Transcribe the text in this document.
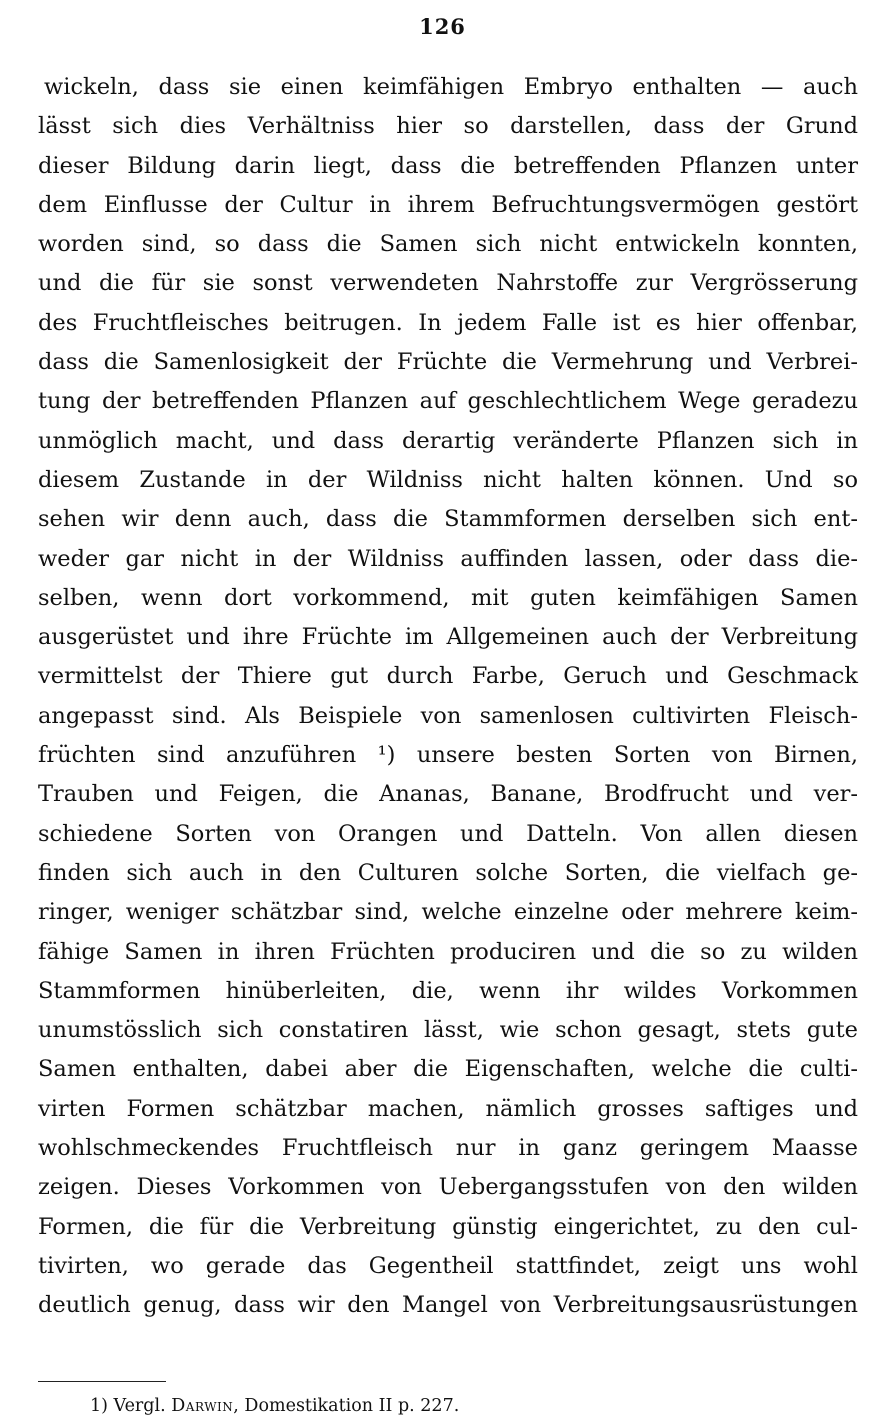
126
wickeln, dass sie einen keimfähigen Embryo enthalten — auch
lässt sich dies Verhältniss hier so darstellen, dass der Grund
dieser Bildung darin liegt, dass die betreffenden Pflanzen unter
dem Einflusse der Cultur in ihrem Befruchtungsvermögen gestört
worden sind, so dass die Samen sich nicht entwickeln konnten,
und die für sie sonst verwendeten Nahrstoffe zur Vergrösserung
des Fruchtfleisches beitrugen. In jedem Falle ist es hier offenbar,
dass die Samenlosigkeit der Früchte die Vermehrung und Verbrei-
tung der betreffenden Pflanzen auf geschlechtlichem Wege geradezu
unmöglich macht, und dass derartig veränderte Pflanzen sich in
diesem Zustande in der Wildniss nicht halten können. Und so
sehen wir denn auch, dass die Stammformen derselben sich ent-
weder gar nicht in der Wildniss auffinden lassen, oder dass die-
selben, wenn dort vorkommend, mit guten keimfähigen Samen
ausgerüstet und ihre Früchte im Allgemeinen auch der Verbreitung
vermittelst der Thiere gut durch Farbe, Geruch und Geschmack
angepasst sind. Als Beispiele von samenlosen cultivirten Fleisch-
früchten sind anzuführen ¹) unsere besten Sorten von Birnen,
Trauben und Feigen, die Ananas, Banane, Brodfrucht und ver-
schiedene Sorten von Orangen und Datteln. Von allen diesen
finden sich auch in den Culturen solche Sorten, die vielfach ge-
ringer, weniger schätzbar sind, welche einzelne oder mehrere keim-
fähige Samen in ihren Früchten produciren und die so zu wilden
Stammformen hinüberleiten, die, wenn ihr wildes Vorkommen
unumstösslich sich constatiren lässt, wie schon gesagt, stets gute
Samen enthalten, dabei aber die Eigenschaften, welche die culti-
virten Formen schätzbar machen, nämlich grosses saftiges und
wohlschmeckendes Fruchtfleisch nur in ganz geringem Maasse
zeigen. Dieses Vorkommen von Uebergangsstufen von den wilden
Formen, die für die Verbreitung günstig eingerichtet, zu den cul-
tivirten, wo gerade das Gegentheil stattfindet, zeigt uns wohl
deutlich genug, dass wir den Mangel von Verbreitungsausrüstungen
1) Vergl. Darwin, Domestikation II p. 227.
